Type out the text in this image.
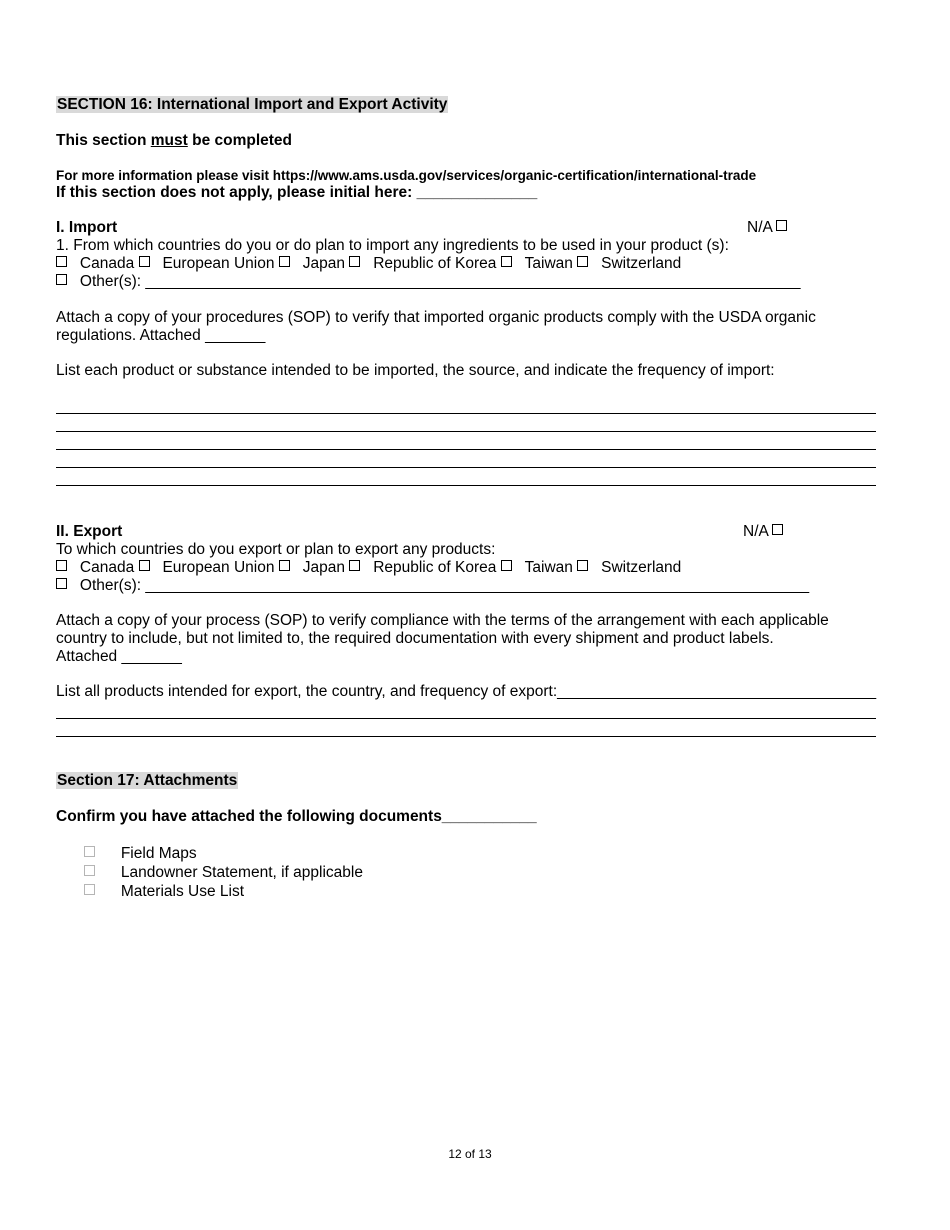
SECTION 16: International Import and Export Activity
This section must be completed
For more information please visit https://www.ams.usda.gov/services/organic-certification/international-trade
If this section does not apply, please initial here: ______________
I. Import	N/A
1. From which countries do you or do plan to import any ingredients to be used in your product (s):
Canada European Union Japan Republic of Korea Taiwan Switzerland
Other(s): ____________________________________________________________________________
Attach a copy of your procedures (SOP) to verify that imported organic products comply with the USDA organic
regulations. Attached _______
List each product or substance intended to be imported, the source, and indicate the frequency of import:
II. Export	N/A
To which countries do you export or plan to export any products:
Canada European Union Japan Republic of Korea Taiwan Switzerland
Other(s): _____________________________________________________________________________
Attach a copy of your process (SOP) to verify compliance with the terms of the arrangement with each applicable
country to include, but not limited to, the required documentation with every shipment and product labels.
Attached _______
List all products intended for export, the country, and frequency of export:_____________________________________
Section 17: Attachments
Confirm you have attached the following documents___________
Field Maps
Landowner Statement, if applicable
Materials Use List
12 of 13
